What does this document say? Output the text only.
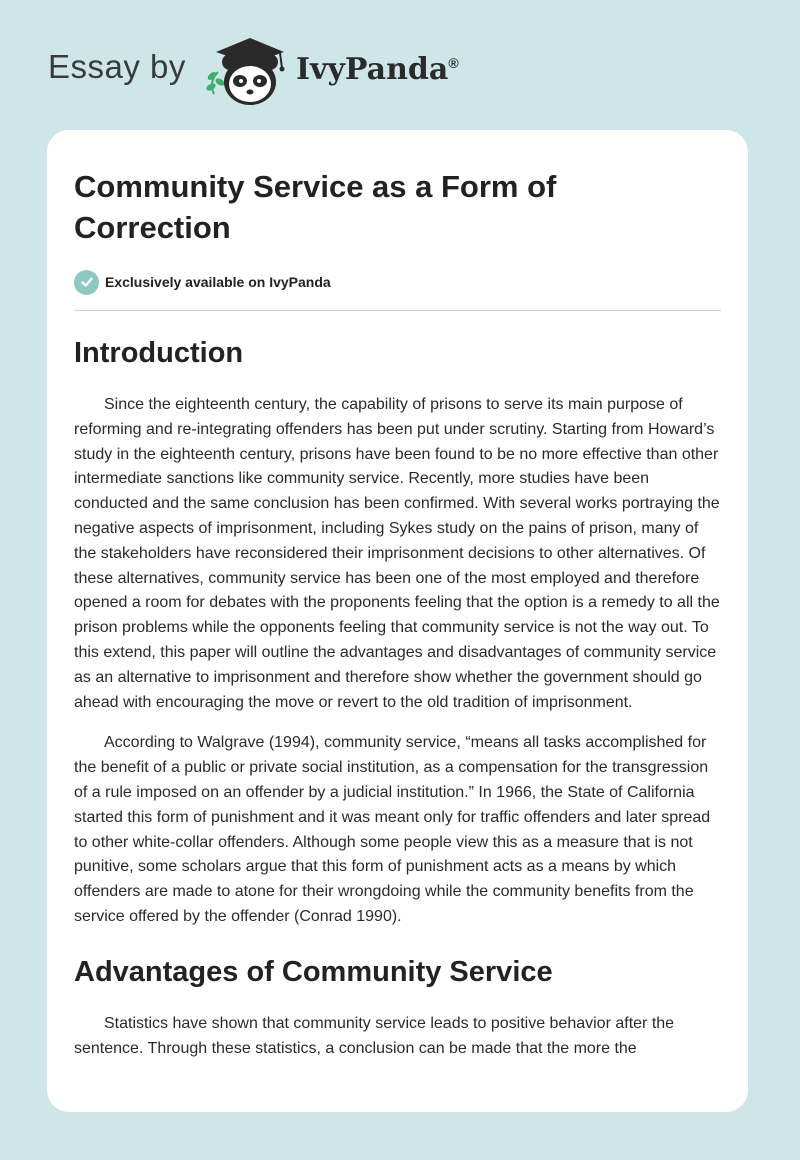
Essay by	IvyPanda®
Community Service as a Form of Correction
Exclusively available on IvyPanda
Introduction

Since the eighteenth century, the capability of prisons to serve its main purpose of reforming and re-integrating offenders has been put under scrutiny. Starting from Howard’s study in the eighteenth century, prisons have been found to be no more effective than other intermediate sanctions like community service. Recently, more studies have been conducted and the same conclusion has been confirmed. With several works portraying the negative aspects of imprisonment, including Sykes study on the pains of prison, many of the stakeholders have reconsidered their imprisonment decisions to other alternatives. Of these alternatives, community service has been one of the most employed and therefore opened a room for debates with the proponents feeling that the option is a remedy to all the prison problems while the opponents feeling that community service is not the way out. To this extend, this paper will outline the advantages and disadvantages of community service as an alternative to imprisonment and therefore show whether the government should go ahead with encouraging the move or revert to the old tradition of imprisonment.

According to Walgrave (1994), community service, “means all tasks accomplished for the benefit of a public or private social institution, as a compensation for the transgression of a rule imposed on an offender by a judicial institution.” In 1966, the State of California started this form of punishment and it was meant only for traffic offenders and later spread to other white-collar offenders. Although some people view this as a measure that is not punitive, some scholars argue that this form of punishment acts as a means by which offenders are made to atone for their wrongdoing while the community benefits from the service offered by the offender (Conrad 1990).

Advantages of Community Service

Statistics have shown that community service leads to positive behavior after the sentence. Through these statistics, a conclusion can be made that the more the
